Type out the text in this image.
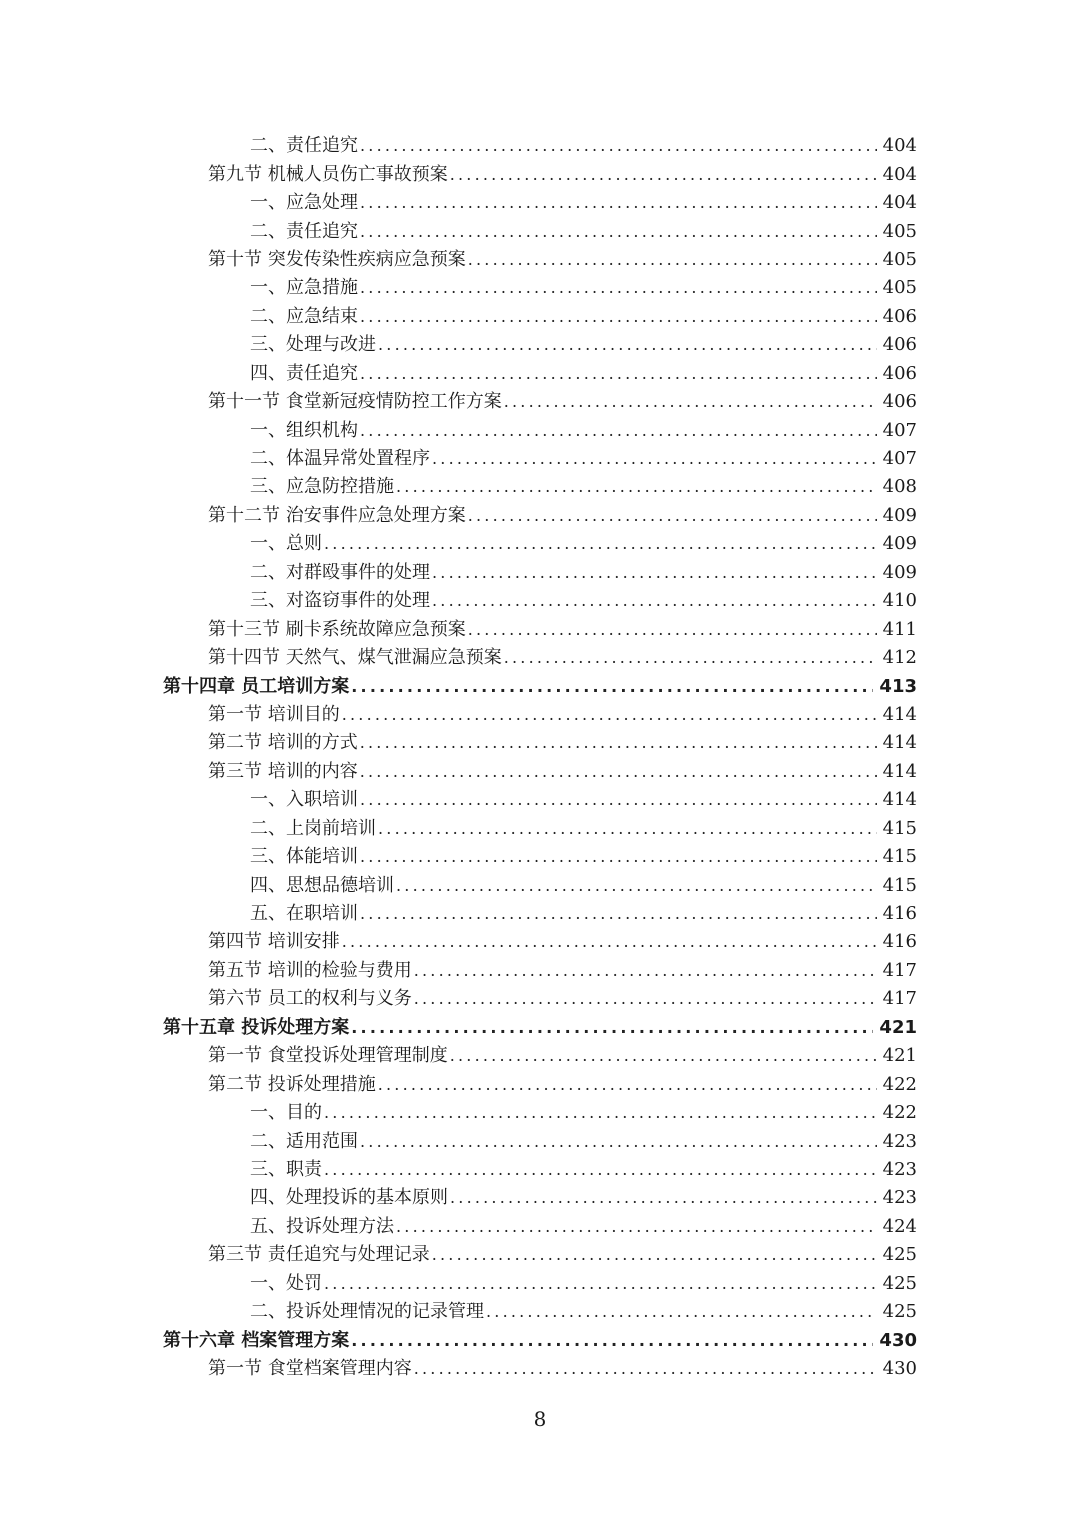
二、责任追究 .....	404
第九节 机械人员伤亡事故预案 .....	404
一、应急处理 .....	404
二、责任追究 .....	405
第十节 突发传染性疾病应急预案 .....	405
一、应急措施 .....	405
二、应急结束 .....	406
三、处理与改进 .....	406
四、责任追究 .....	406
第十一节 食堂新冠疫情防控工作方案 .....	406
一、组织机构 .....	407
二、体温异常处置程序 .....	407
三、应急防控措施 .....	408
第十二节 治安事件应急处理方案 .....	409
一、总则 .....	409
二、对群殴事件的处理 .....	409
三、对盗窃事件的处理 .....	410
第十三节 刷卡系统故障应急预案 .....	411
第十四节 天然气、煤气泄漏应急预案 .....	412
第十四章 员工培训方案 .....	413
第一节 培训目的 .....	414
第二节 培训的方式 .....	414
第三节 培训的内容 .....	414
一、入职培训 .....	414
二、上岗前培训 .....	415
三、体能培训 .....	415
四、思想品德培训 .....	415
五、在职培训 .....	416
第四节 培训安排 .....	416
第五节 培训的检验与费用 .....	417
第六节 员工的权利与义务 .....	417
第十五章 投诉处理方案 .....	421
第一节 食堂投诉处理管理制度 .....	421
第二节 投诉处理措施 .....	422
一、目的 .....	422
二、适用范围 .....	423
三、职责 .....	423
四、处理投诉的基本原则 .....	423
五、投诉处理方法 .....	424
第三节 责任追究与处理记录 .....	425
一、处罚 .....	425
二、投诉处理情况的记录管理 .....	425
第十六章 档案管理方案 .....	430
第一节 食堂档案管理内容 .....	430
8
